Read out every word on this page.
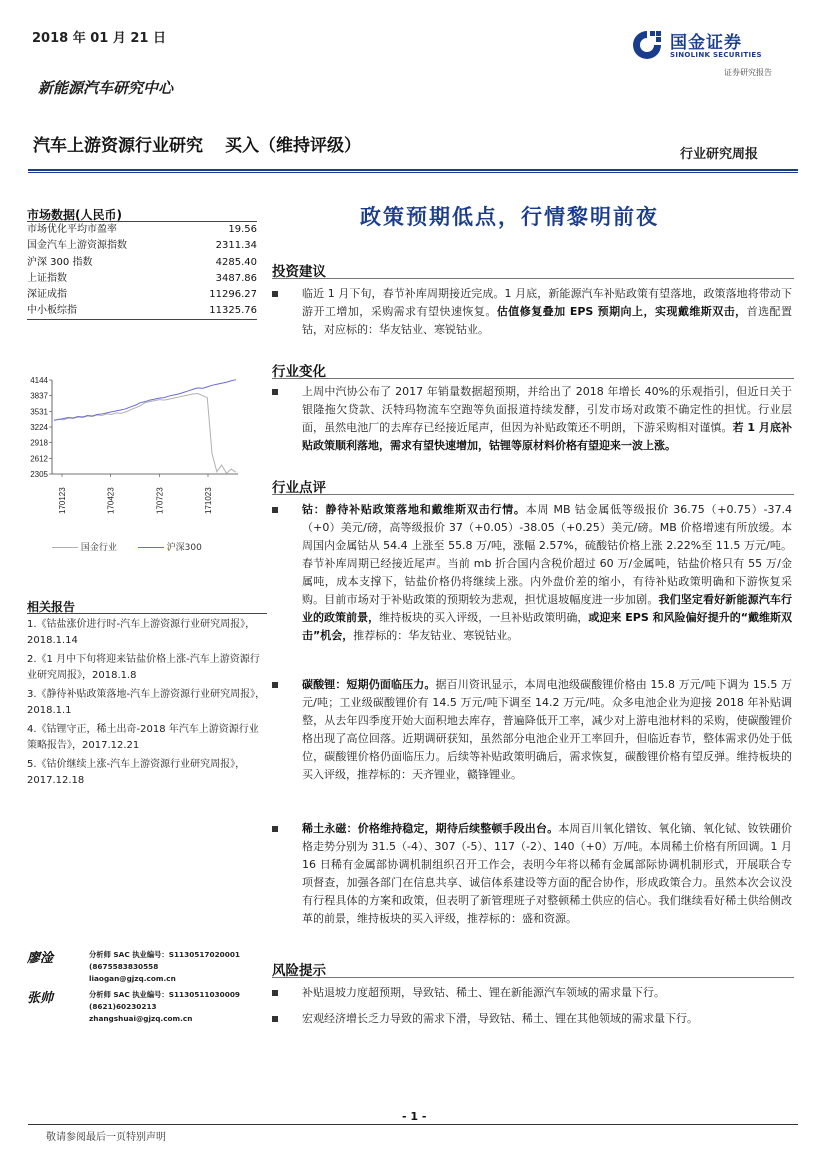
2018 年 01 月 21 日	国金证券
SINOLINK SECURITIES
证券研究报告
新能源汽车研究中心
汽车上游资源行业研究 买入（维持评级）	行业研究周报
市场数据(人民币)
市场优化平均市盈率	19.56
国金汽车上游资源指数	2311.34
沪深 300 指数	4285.40
上证指数	3487.86
深证成指	11296.27
中小板综指	11325.76
4144
3837
3531
3224
2918
2612
2305
170123	170423	170723	171023
国金行业	沪深300
相关报告
1.《钴盐涨价进行时-汽车上游资源行业研究周报》，2018.1.14
2.《1 月中下旬将迎来钴盐价格上涨-汽车上游资源行业研究周报》，2018.1.8
3.《静待补贴政策落地-汽车上游资源行业研究周报》，2018.1.1
4.《钴锂守正，稀土出奇-2018 年汽车上游资源行业策略报告》，2017.12.21
5.《钴价继续上涨-汽车上游资源行业研究周报》，2017.12.18
廖淦	分析师 SAC 执业编号：S1130517020001
(8675583830558
liaogan@gjzq.com.cn
张帅	分析师 SAC 执业编号：S1130511030009
(8621)60230213
zhangshuai@gjzq.com.cn
政策预期低点，行情黎明前夜
投资建议
临近 1 月下旬，春节补库周期接近完成。1 月底，新能源汽车补贴政策有望落地，政策落地将带动下游开工增加，采购需求有望快速恢复。估值修复叠加 EPS 预期向上，实现戴维斯双击，首选配置钴，对应标的：华友钴业、寒锐钴业。
行业变化
上周中汽协公布了 2017 年销量数据超预期，并给出了 2018 年增长 40%的乐观指引，但近日关于银隆拖欠贷款、沃特玛物流车空跑等负面报道持续发酵，引发市场对政策不确定性的担忧。行业层面，虽然电池厂的去库存已经接近尾声，但因为补贴政策还不明朗，下游采购相对谨慎。若 1 月底补贴政策顺利落地，需求有望快速增加，钴锂等原材料价格有望迎来一波上涨。
行业点评
钴：静待补贴政策落地和戴维斯双击行情。本周 MB 钴金属低等级报价 36.75（+0.75）-37.4（+0）美元/磅，高等级报价 37（+0.05）-38.05（+0.25）美元/磅。MB 价格增速有所放缓。本周国内金属钴从 54.4 上涨至 55.8 万/吨，涨幅 2.57%，硫酸钴价格上涨 2.22%至 11.5 万元/吨。春节补库周期已经接近尾声。当前 mb 折合国内含税价超过 60 万/金属吨，钴盐价格只有 55 万/金属吨，成本支撑下，钴盐价格仍将继续上涨。内外盘价差的缩小，有待补贴政策明确和下游恢复采购。目前市场对于补贴政策的预期较为悲观，担忧退坡幅度进一步加剧。我们坚定看好新能源汽车行业的政策前景，维持板块的买入评级，一旦补贴政策明确，或迎来 EPS 和风险偏好提升的“戴维斯双击”机会，推荐标的：华友钴业、寒锐钴业。
碳酸锂：短期仍面临压力。据百川资讯显示，本周电池级碳酸锂价格由 15.8 万元/吨下调为 15.5 万元/吨；工业级碳酸锂价有 14.5 万元/吨下调至 14.2 万元/吨。众多电池企业为迎接 2018 年补贴调整，从去年四季度开始大面积地去库存，普遍降低开工率，减少对上游电池材料的采购，使碳酸锂价格出现了高位回落。近期调研获知，虽然部分电池企业开工率回升，但临近春节，整体需求仍处于低位，碳酸锂价格仍面临压力。后续等补贴政策明确后，需求恢复，碳酸锂价格有望反弹。维持板块的买入评级，推荐标的：天齐锂业，赣锋锂业。
稀土永磁：价格维持稳定，期待后续整顿手段出台。本周百川氧化镨钕、氧化镝、氧化铽、钕铁硼价格走势分别为 31.5（-4）、307（-5）、117（-2）、140（+0）万/吨。本周稀土价格有所回调。1 月 16 日稀有金属部协调机制组织召开工作会，表明今年将以稀有金属部际协调机制形式，开展联合专项督查，加强各部门在信息共享、诚信体系建设等方面的配合协作，形成政策合力。虽然本次会议没有行程具体的方案和政策，但表明了新管理班子对整顿稀土供应的信心。我们继续看好稀土供给侧改革的前景，维持板块的买入评级，推荐标的：盛和资源。
风险提示
补贴退坡力度超预期，导致钴、稀土、锂在新能源汽车领域的需求量下行。
宏观经济增长乏力导致的需求下滑，导致钴、稀土、锂在其他领域的需求量下行。
- 1 -
敬请参阅最后一页特别声明
